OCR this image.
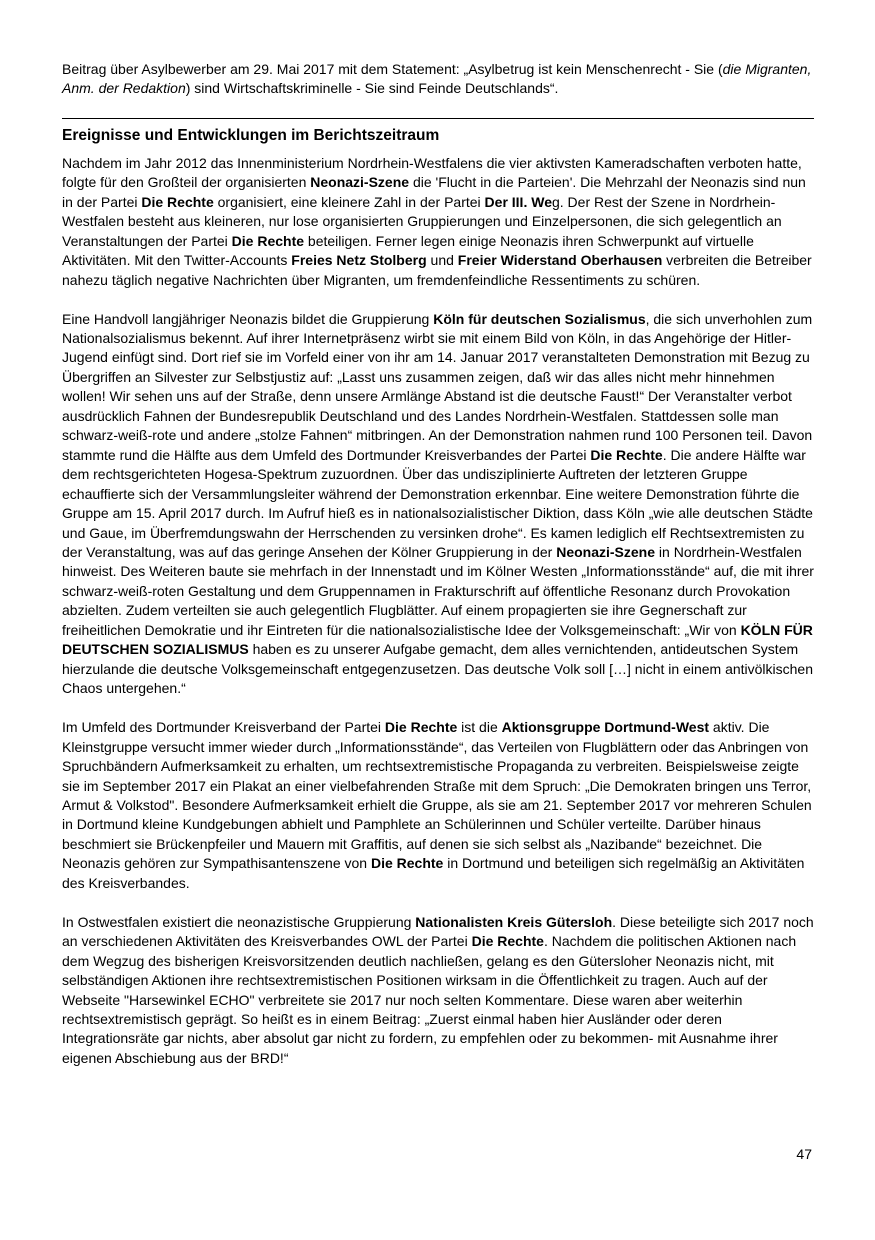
Beitrag über Asylbewerber am 29. Mai 2017 mit dem Statement: „Asylbetrug ist kein Menschenrecht - Sie (die Migranten, Anm. der Redaktion) sind Wirtschaftskriminelle - Sie sind Feinde Deutschlands“.

Ereignisse und Entwicklungen im Berichtszeitraum

Nachdem im Jahr 2012 das Innenministerium Nordrhein-Westfalens die vier aktivsten Kameradschaften verboten hatte, folgte für den Großteil der organisierten Neonazi-Szene die 'Flucht in die Parteien'. Die Mehrzahl der Neonazis sind nun in der Partei Die Rechte organisiert, eine kleinere Zahl in der Partei Der III. Weg. Der Rest der Szene in Nordrhein-Westfalen besteht aus kleineren, nur lose organisierten Gruppierungen und Einzelpersonen, die sich gelegentlich an Veranstaltungen der Partei Die Rechte beteiligen. Ferner legen einige Neonazis ihren Schwerpunkt auf virtuelle Aktivitäten. Mit den Twitter-Accounts Freies Netz Stolberg und Freier Widerstand Oberhausen verbreiten die Betreiber nahezu täglich negative Nachrichten über Migranten, um fremdenfeindliche Ressentiments zu schüren.

Eine Handvoll langjähriger Neonazis bildet die Gruppierung Köln für deutschen Sozialismus, die sich unverhohlen zum Nationalsozialismus bekennt. Auf ihrer Internetpräsenz wirbt sie mit einem Bild von Köln, in das Angehörige der Hitler-Jugend einfügt sind. Dort rief sie im Vorfeld einer von ihr am 14. Januar 2017 veranstalteten Demonstration mit Bezug zu Übergriffen an Silvester zur Selbstjustiz auf: „Lasst uns zusammen zeigen, daß wir das alles nicht mehr hinnehmen wollen! Wir sehen uns auf der Straße, denn unsere Armlänge Abstand ist die deutsche Faust!“ Der Veranstalter verbot ausdrücklich Fahnen der Bundesrepublik Deutschland und des Landes Nordrhein-Westfalen. Stattdessen solle man schwarz-weiß-rote und andere „stolze Fahnen“ mitbringen. An der Demonstration nahmen rund 100 Personen teil. Davon stammte rund die Hälfte aus dem Umfeld des Dortmunder Kreisverbandes der Partei Die Rechte. Die andere Hälfte war dem rechtsgerichteten Hogesa-Spektrum zuzuordnen. Über das undisziplinierte Auftreten der letzteren Gruppe echauffierte sich der Versammlungsleiter während der Demonstration erkennbar. Eine weitere Demonstration führte die Gruppe am 15. April 2017 durch. Im Aufruf hieß es in nationalsozialistischer Diktion, dass Köln „wie alle deutschen Städte und Gaue, im Überfremdungswahn der Herrschenden zu versinken drohe“. Es kamen lediglich elf Rechtsextremisten zu der Veranstaltung, was auf das geringe Ansehen der Kölner Gruppierung in der Neonazi-Szene in Nordrhein-Westfalen hinweist. Des Weiteren baute sie mehrfach in der Innenstadt und im Kölner Westen „Informationsstände“ auf, die mit ihrer schwarz-weiß-roten Gestaltung und dem Gruppennamen in Frakturschrift auf öffentliche Resonanz durch Provokation abzielten. Zudem verteilten sie auch gelegentlich Flugblätter. Auf einem propagierten sie ihre Gegnerschaft zur freiheitlichen Demokratie und ihr Eintreten für die nationalsozialistische Idee der Volksgemeinschaft: „Wir von KÖLN FÜR DEUTSCHEN SOZIALISMUS haben es zu unserer Aufgabe gemacht, dem alles vernichtenden, antideutschen System hierzulande die deutsche Volksgemeinschaft entgegenzusetzen. Das deutsche Volk soll […] nicht in einem antivölkischen Chaos untergehen.“

Im Umfeld des Dortmunder Kreisverband der Partei Die Rechte ist die Aktionsgruppe Dortmund-West aktiv. Die Kleinstgruppe versucht immer wieder durch „Informationsstände“, das Verteilen von Flugblättern oder das Anbringen von Spruchbändern Aufmerksamkeit zu erhalten, um rechtsextremistische Propaganda zu verbreiten. Beispielsweise zeigte sie im September 2017 ein Plakat an einer vielbefahrenden Straße mit dem Spruch: „Die Demokraten bringen uns Terror, Armut & Volkstod". Besondere Aufmerksamkeit erhielt die Gruppe, als sie am 21. September 2017 vor mehreren Schulen in Dortmund kleine Kundgebungen abhielt und Pamphlete an Schülerinnen und Schüler verteilte. Darüber hinaus beschmiert sie Brückenpfeiler und Mauern mit Graffitis, auf denen sie sich selbst als „Nazibande“ bezeichnet. Die Neonazis gehören zur Sympathisantenszene von Die Rechte in Dortmund und beteiligen sich regelmäßig an Aktivitäten des Kreisverbandes.

In Ostwestfalen existiert die neonazistische Gruppierung Nationalisten Kreis Gütersloh. Diese beteiligte sich 2017 noch an verschiedenen Aktivitäten des Kreisverbandes OWL der Partei Die Rechte. Nachdem die politischen Aktionen nach dem Wegzug des bisherigen Kreisvorsitzenden deutlich nachließen, gelang es den Gütersloher Neonazis nicht, mit selbständigen Aktionen ihre rechtsextremistischen Positionen wirksam in die Öffentlichkeit zu tragen. Auch auf der Webseite "Harsewinkel ECHO" verbreitete sie 2017 nur noch selten Kommentare. Diese waren aber weiterhin rechtsextremistisch geprägt. So heißt es in einem Beitrag: „Zuerst einmal haben hier Ausländer oder deren Integrationsräte gar nichts, aber absolut gar nicht zu fordern, zu empfehlen oder zu bekommen- mit Ausnahme ihrer eigenen Abschiebung aus der BRD!“

47
